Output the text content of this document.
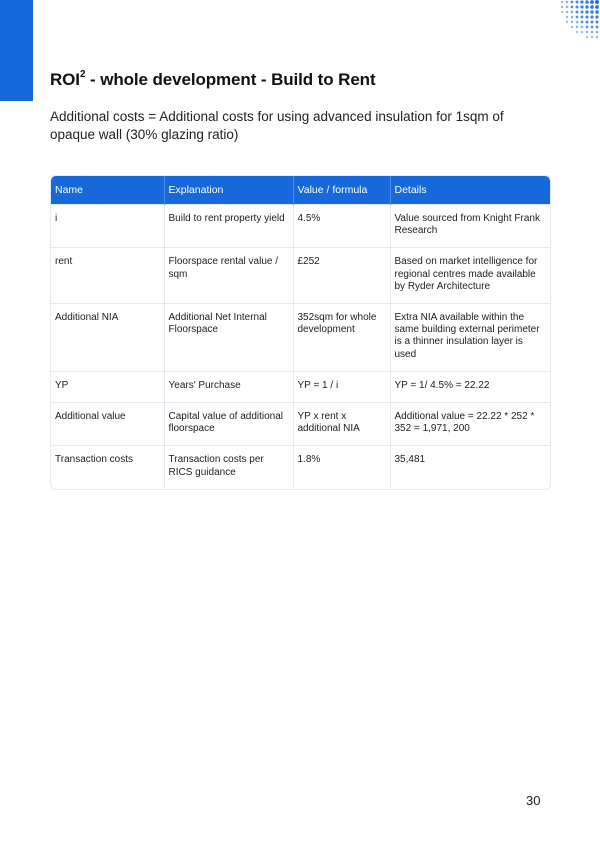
ROI$^2$ - whole development - Build to Rent

Additional costs = Additional costs for using advanced insulation for 1sqm of opaque wall (30% glazing ratio)

Name	Explanation	Value / formula	Details
i	Build to rent property yield	4.5%	Value sourced from Knight Frank Research
rent	Floorspace rental value / sqm	£252	Based on market intelligence for regional centres made available by Ryder Architecture
Additional NIA	Additional Net Internal Floorspace	352sqm for whole development	Extra NIA available within the same building external perimeter is a thinner insulation layer is used
YP	Years' Purchase	YP = 1 / i	YP = 1/ 4.5% = 22.22
Additional value	Capital value of additional floorspace	YP x rent x additional NIA	Additional value = 22.22 * 252 * 352 = 1,971, 200
Transaction costs	Transaction costs per RICS guidance	1.8%	35,481
30
